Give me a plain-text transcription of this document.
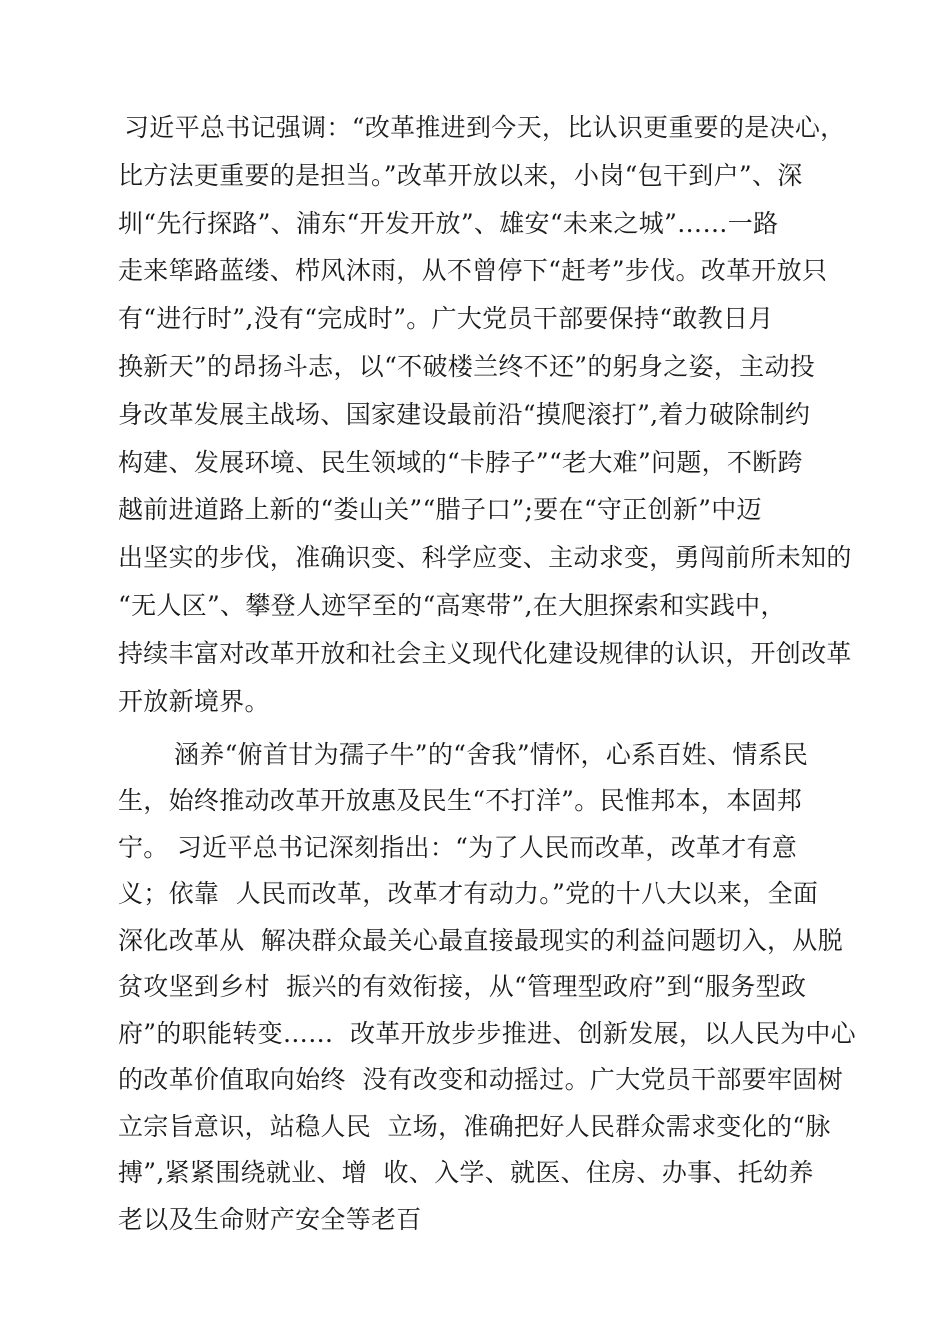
习近平总书记强调：“改革推进到今天，比认识更重要的是决心，
比方法更重要的是担当。”改革开放以来，小岗“包干到户”、深
圳“先行探路”、浦东“开发开放”、雄安“未来之城”……一路
走来筚路蓝缕、栉风沐雨，从不曾停下“赶考”步伐。改革开放只
有“进行时”,没有“完成时”。广大党员干部要保持“敢教日月
换新天”的昂扬斗志，以“不破楼兰终不还”的躬身之姿，主动投
身改革发展主战场、国家建设最前沿“摸爬滚打”,着力破除制约
构建、发展环境、民生领域的“卡脖子”“老大难”问题，不断跨
越前进道路上新的“娄山关”“腊子口”;要在“守正创新”中迈
出坚实的步伐，准确识变、科学应变、主动求变，勇闯前所未知的
“无人区”、攀登人迹罕至的“高寒带”,在大胆探索和实践中，
持续丰富对改革开放和社会主义现代化建设规律的认识，开创改革
开放新境界。
涵养“俯首甘为孺子牛”的“舍我”情怀，心系百姓、情系民
生，始终推动改革开放惠及民生“不打洋”。民惟邦本，本固邦
宁。 习近平总书记深刻指出：“为了人民而改革，改革才有意
义；依靠  人民而改革，改革才有动力。”党的十八大以来，全面
深化改革从  解决群众最关心最直接最现实的利益问题切入，从脱
贫攻坚到乡村  振兴的有效衔接，从“管理型政府”到“服务型政
府”的职能转变……  改革开放步步推进、创新发展，以人民为中心
的改革价值取向始终  没有改变和动摇过。广大党员干部要牢固树
立宗旨意识，站稳人民  立场，准确把好人民群众需求变化的“脉
搏”,紧紧围绕就业、增  收、入学、就医、住房、办事、托幼养
老以及生命财产安全等老百
